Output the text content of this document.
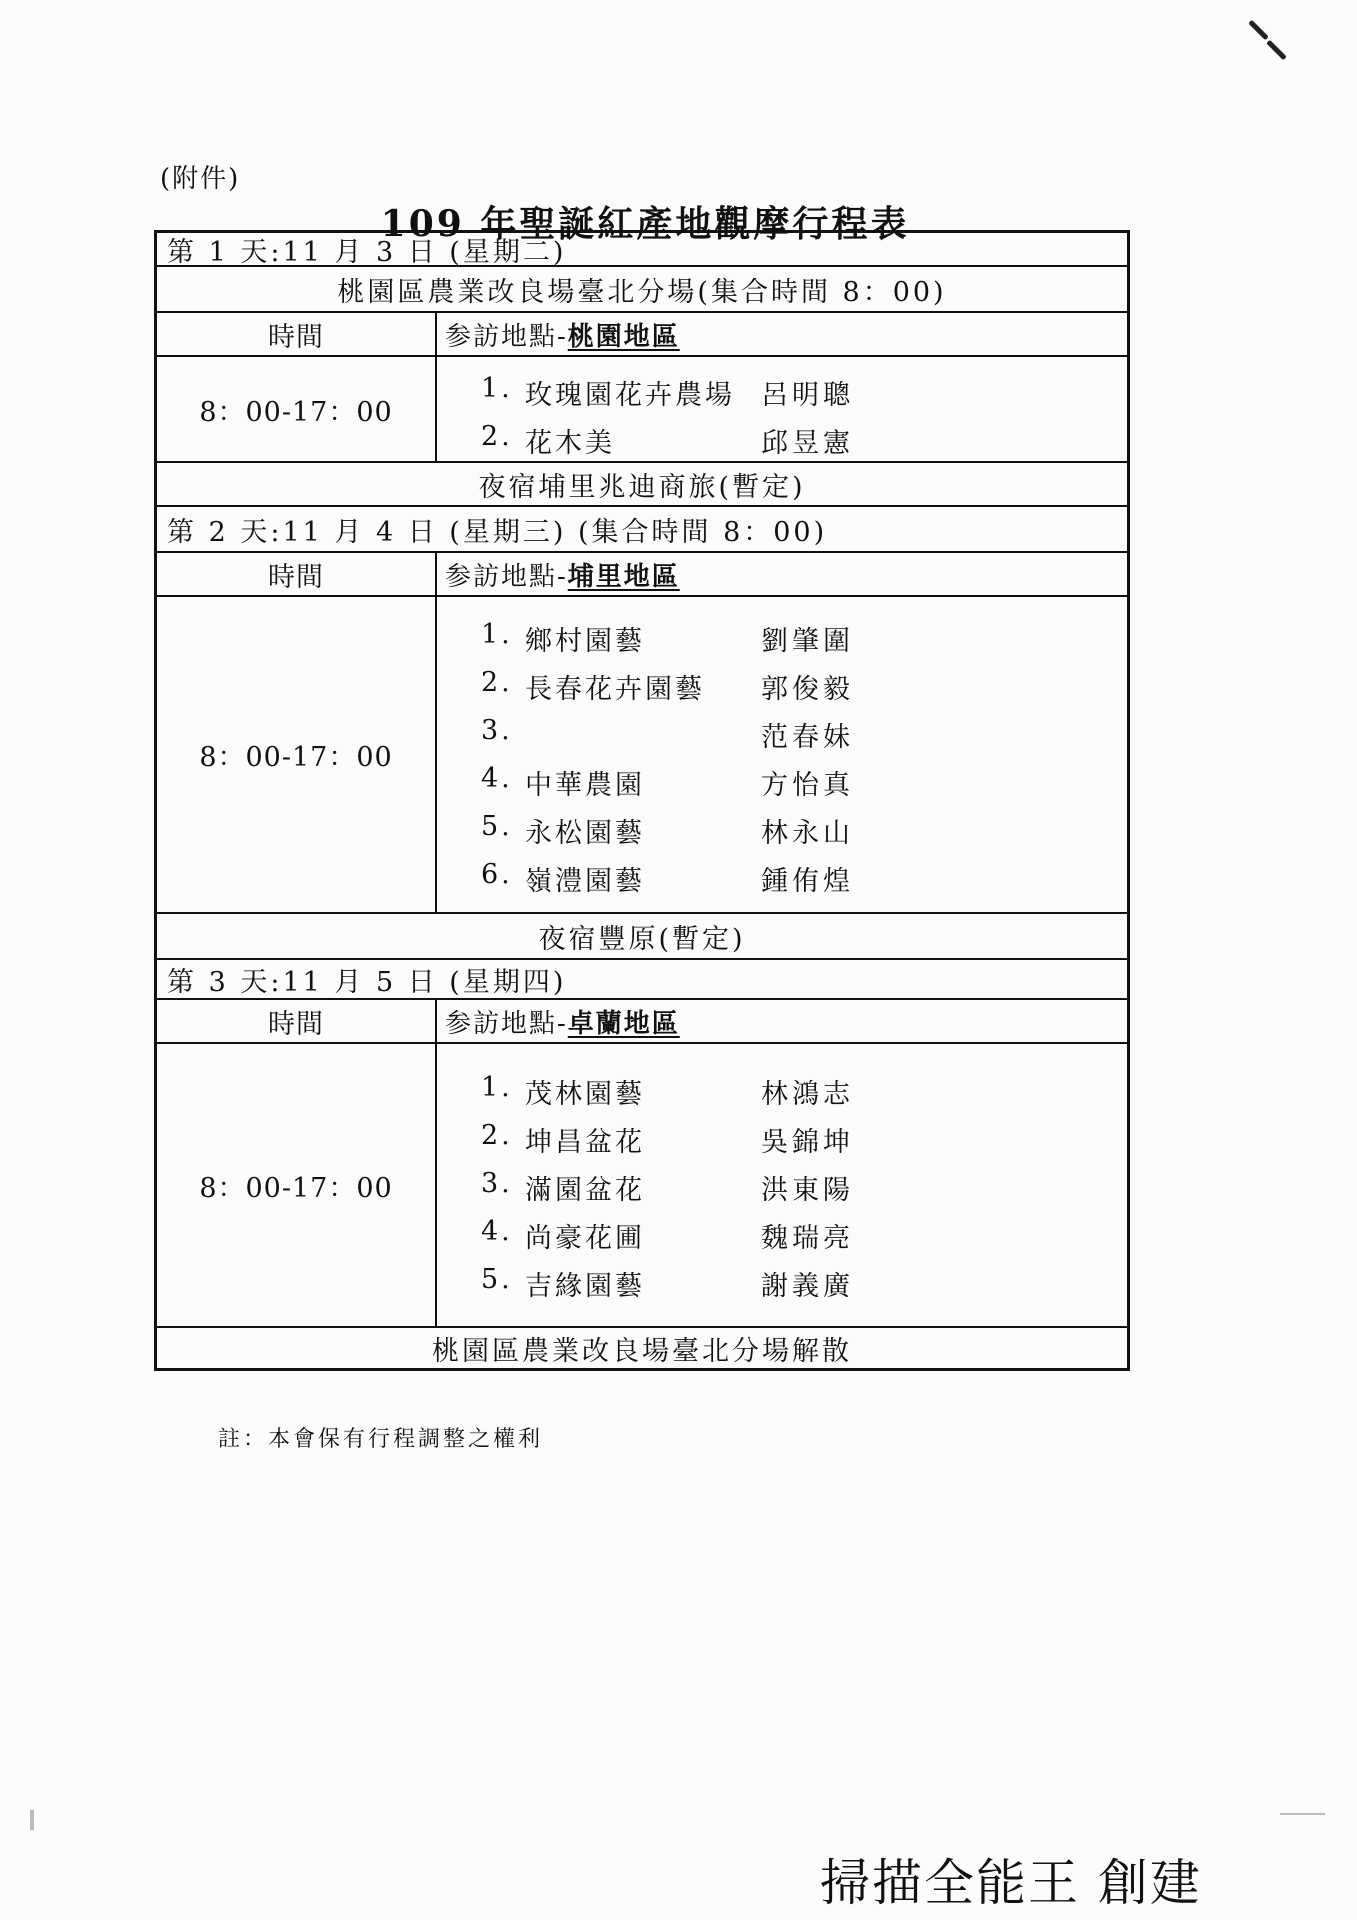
(附件)
109 年聖誕紅產地觀摩行程表
第 1 天:11 月 3 日 (星期二)
桃園區農業改良場臺北分場(集合時間 8：00)
時間	参訪地點- 桃園地區
8：00-17：00
1. 玫瑰園花卉農場 呂明聰
2. 花木美	邱昱憲
夜宿埔里兆迪商旅(暫定)
第 2 天:11 月 4 日 (星期三) (集合時間 8：00)
時間	参訪地點- 埔里地區
8：00-17：00
1. 鄉村園藝	劉肇圍
2. 長春花卉園藝 郭俊毅
3.	范春妹
4. 中華農園	方怡真
5. 永松園藝	林永山
6. 嶺澧園藝	鍾侑煌
夜宿豐原(暫定)
第 3 天:11 月 5 日 (星期四)
時間	参訪地點- 卓蘭地區
8：00-17：00
1. 茂林園藝	林鴻志
2. 坤昌盆花	吳錦坤
3. 滿園盆花	洪東陽
4. 尚豪花圃	魏瑞亮
5. 吉緣園藝	謝義廣
桃園區農業改良場臺北分場解散
註：本會保有行程調整之權利
掃描全能王 創建
